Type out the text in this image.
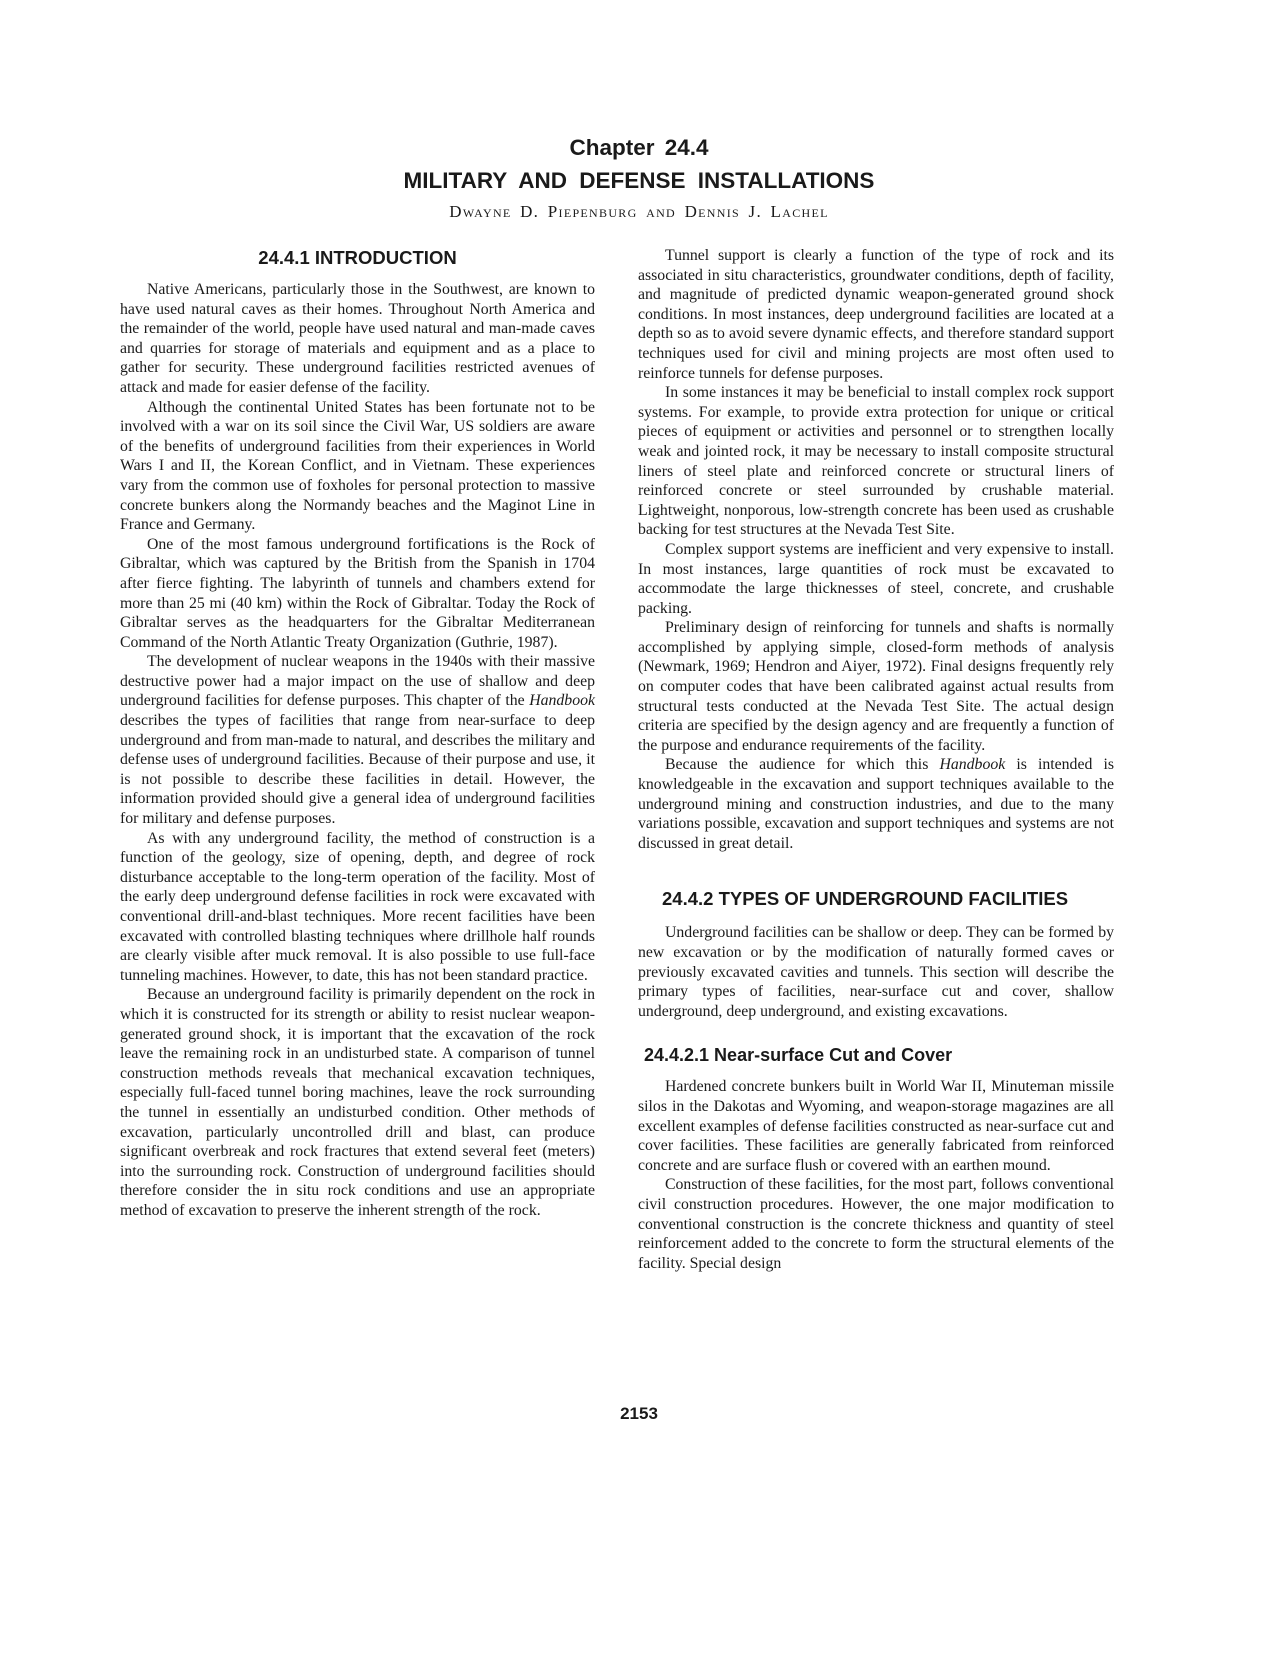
Chapter 24.4
MILITARY AND DEFENSE INSTALLATIONS
Dwayne D. Piepenburg and Dennis J. Lachel
24.4.1 INTRODUCTION

Native Americans, particularly those in the Southwest, are known to have used natural caves as their homes. Throughout North America and the remainder of the world, people have used natural and man-made caves and quarries for storage of materials and equipment and as a place to gather for security. These underground facilities restricted avenues of attack and made for easier defense of the facility.

Although the continental United States has been fortunate not to be involved with a war on its soil since the Civil War, US soldiers are aware of the benefits of underground facilities from their experiences in World Wars I and II, the Korean Conflict, and in Vietnam. These experiences vary from the common use of foxholes for personal protection to massive concrete bunkers along the Normandy beaches and the Maginot Line in France and Germany.

One of the most famous underground fortifications is the Rock of Gibraltar, which was captured by the British from the Spanish in 1704 after fierce fighting. The labyrinth of tunnels and chambers extend for more than 25 mi (40 km) within the Rock of Gibraltar. Today the Rock of Gibraltar serves as the headquarters for the Gibraltar Mediterranean Command of the North Atlantic Treaty Organization (Guthrie, 1987).

The development of nuclear weapons in the 1940s with their massive destructive power had a major impact on the use of shallow and deep underground facilities for defense purposes. This chapter of the Handbook describes the types of facilities that range from near-surface to deep underground and from man-made to natural, and describes the military and defense uses of underground facilities. Because of their purpose and use, it is not possible to describe these facilities in detail. However, the information provided should give a general idea of underground facilities for military and defense purposes.

As with any underground facility, the method of construction is a function of the geology, size of opening, depth, and degree of rock disturbance acceptable to the long-term operation of the facility. Most of the early deep underground defense facilities in rock were excavated with conventional drill-and-blast techniques. More recent facilities have been excavated with controlled blasting techniques where drillhole half rounds are clearly visible after muck removal. It is also possible to use full-face tunneling machines. However, to date, this has not been standard practice.

Because an underground facility is primarily dependent on the rock in which it is constructed for its strength or ability to resist nuclear weapon-generated ground shock, it is important that the excavation of the rock leave the remaining rock in an undisturbed state. A comparison of tunnel construction methods reveals that mechanical excavation techniques, especially full-faced tunnel boring machines, leave the rock surrounding the tunnel in essentially an undisturbed condition. Other methods of excavation, particularly uncontrolled drill and blast, can produce significant overbreak and rock fractures that extend several feet (meters) into the surrounding rock. Construction of underground facilities should therefore consider the in situ rock conditions and use an appropriate method of excavation to preserve the inherent strength of the rock.

Tunnel support is clearly a function of the type of rock and its associated in situ characteristics, groundwater conditions, depth of facility, and magnitude of predicted dynamic weapon-generated ground shock conditions. In most instances, deep underground facilities are located at a depth so as to avoid severe dynamic effects, and therefore standard support techniques used for civil and mining projects are most often used to reinforce tunnels for defense purposes.

In some instances it may be beneficial to install complex rock support systems. For example, to provide extra protection for unique or critical pieces of equipment or activities and personnel or to strengthen locally weak and jointed rock, it may be necessary to install composite structural liners of steel plate and reinforced concrete or structural liners of reinforced concrete or steel surrounded by crushable material. Lightweight, nonporous, low-strength concrete has been used as crushable backing for test structures at the Nevada Test Site.

Complex support systems are inefficient and very expensive to install. In most instances, large quantities of rock must be excavated to accommodate the large thicknesses of steel, concrete, and crushable packing.

Preliminary design of reinforcing for tunnels and shafts is normally accomplished by applying simple, closed-form methods of analysis (Newmark, 1969; Hendron and Aiyer, 1972). Final designs frequently rely on computer codes that have been calibrated against actual results from structural tests conducted at the Nevada Test Site. The actual design criteria are specified by the design agency and are frequently a function of the purpose and endurance requirements of the facility.

Because the audience for which this Handbook is intended is knowledgeable in the excavation and support techniques available to the underground mining and construction industries, and due to the many variations possible, excavation and support techniques and systems are not discussed in great detail.

24.4.2 TYPES OF UNDERGROUND FACILITIES

Underground facilities can be shallow or deep. They can be formed by new excavation or by the modification of naturally formed caves or previously excavated cavities and tunnels. This section will describe the primary types of facilities, near-surface cut and cover, shallow underground, deep underground, and existing excavations.

24.4.2.1 Near-surface Cut and Cover

Hardened concrete bunkers built in World War II, Minuteman missile silos in the Dakotas and Wyoming, and weapon-storage magazines are all excellent examples of defense facilities constructed as near-surface cut and cover facilities. These facilities are generally fabricated from reinforced concrete and are surface flush or covered with an earthen mound.

Construction of these facilities, for the most part, follows conventional civil construction procedures. However, the one major modification to conventional construction is the concrete thickness and quantity of steel reinforcement added to the concrete to form the structural elements of the facility. Special design

2153
